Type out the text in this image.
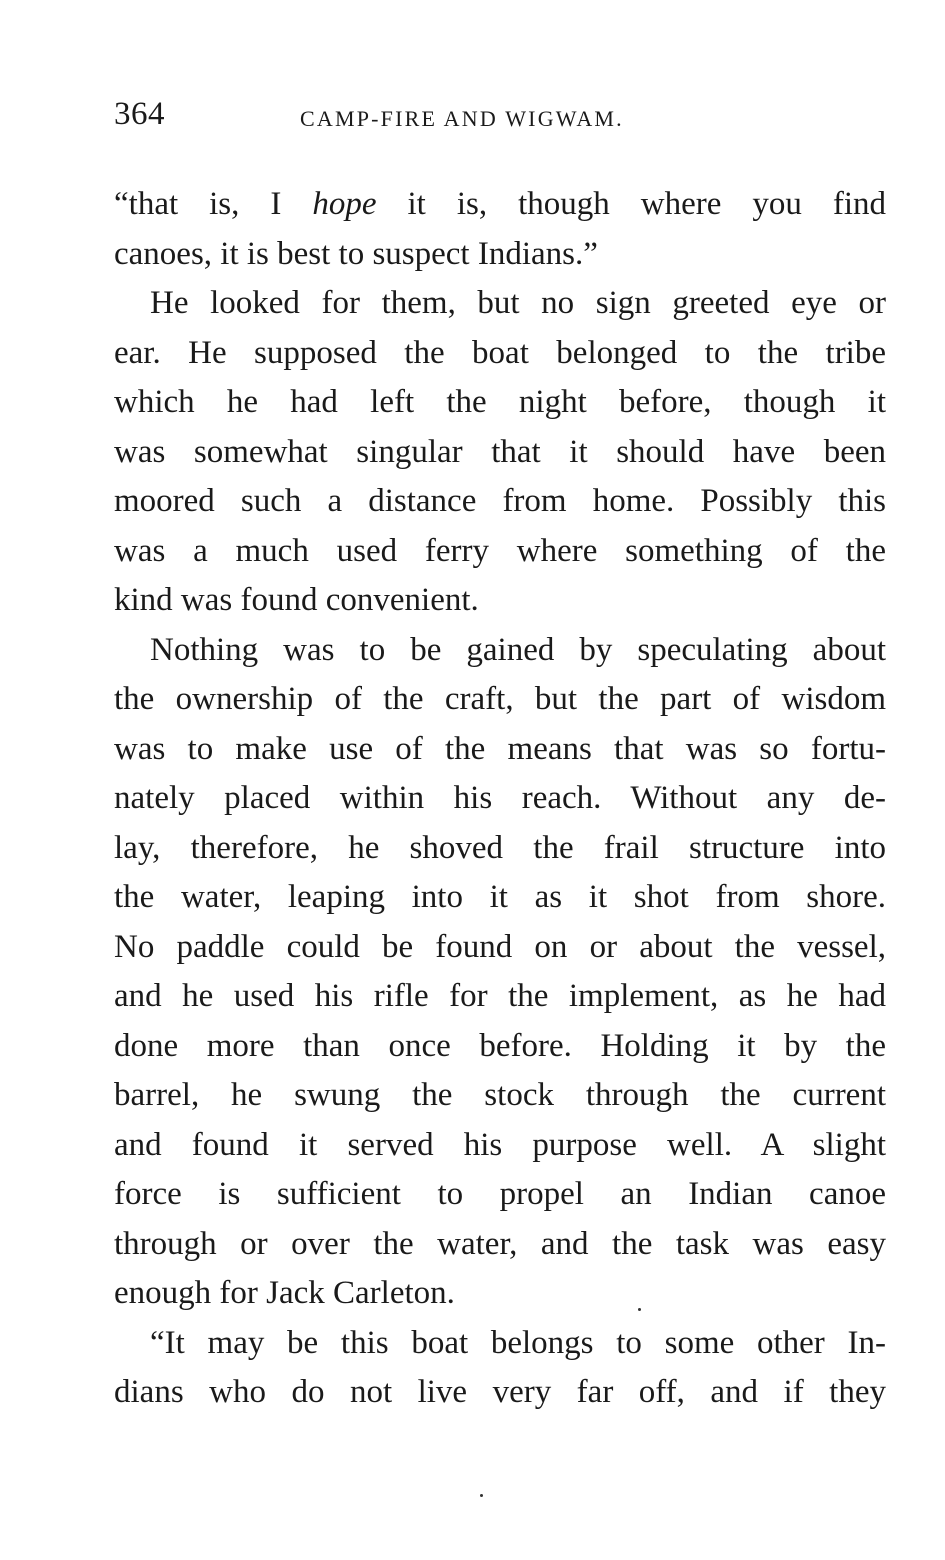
364	CAMP-FIRE AND WIGWAM.
“that is, I hope it is, though where you find
canoes, it is best to suspect Indians.”
He looked for them, but no sign greeted eye or
ear. He supposed the boat belonged to the tribe
which he had left the night before, though it
was somewhat singular that it should have been
moored such a distance from home. Possibly this
was a much used ferry where something of the
kind was found convenient.
Nothing was to be gained by speculating about
the ownership of the craft, but the part of wisdom
was to make use of the means that was so fortu-
nately placed within his reach. Without any de-
lay, therefore, he shoved the frail structure into
the water, leaping into it as it shot from shore.
No paddle could be found on or about the vessel,
and he used his rifle for the implement, as he had
done more than once before. Holding it by the
barrel, he swung the stock through the current
and found it served his purpose well. A slight
force is sufficient to propel an Indian canoe
through or over the water, and the task was easy
enough for Jack Carleton.
“It may be this boat belongs to some other In-
dians who do not live very far off, and if they
